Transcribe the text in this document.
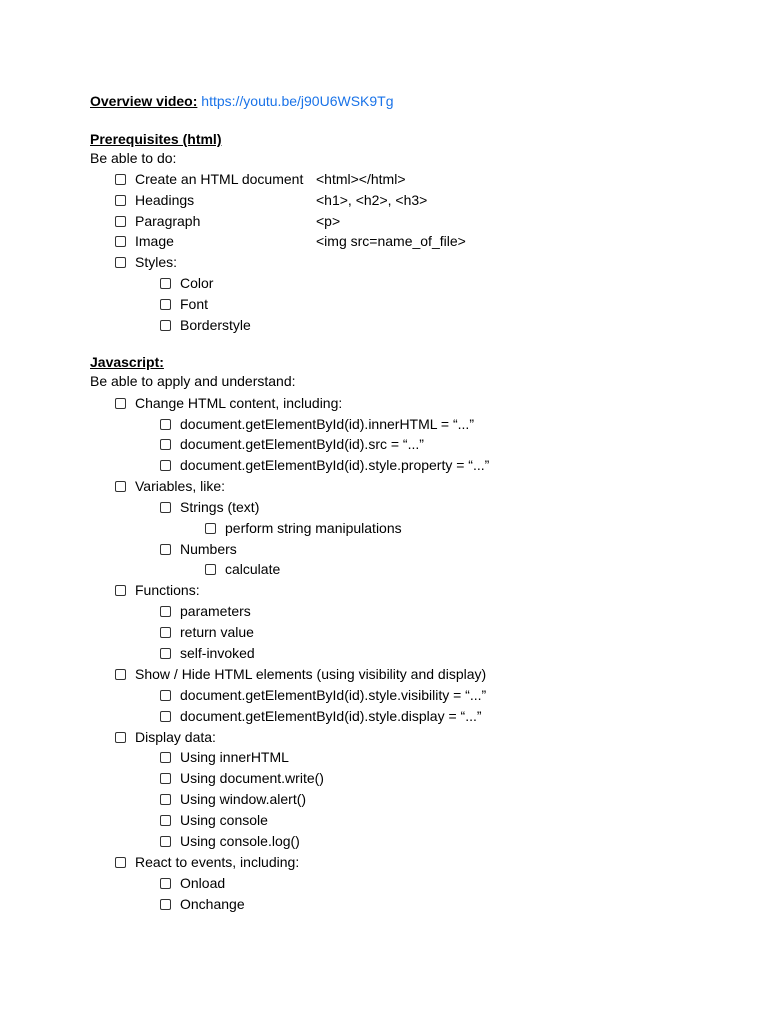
Overview video: https://youtu.be/j90U6WSK9Tg
Prerequisites (html)
Be able to do:
Create an HTML document <html></html>
Headings	<h1>, <h2>, <h3>
Paragraph	<p>
Image	<img src=name_of_file>
Styles:
Color
Font
Borderstyle
Javascript:
Be able to apply and understand:
Change HTML content, including:
document.getElementById(id).innerHTML = “...”
document.getElementById(id).src = “...”
document.getElementById(id).style.property = “...”
Variables, like:
Strings (text)
perform string manipulations
Numbers
calculate
Functions:
parameters
return value
self-invoked
Show / Hide HTML elements (using visibility and display)
document.getElementById(id).style.visibility = “...”
document.getElementById(id).style.display = “...”
Display data:
Using innerHTML
Using document.write()
Using window.alert()
Using console
Using console.log()
React to events, including:
Onload
Onchange
